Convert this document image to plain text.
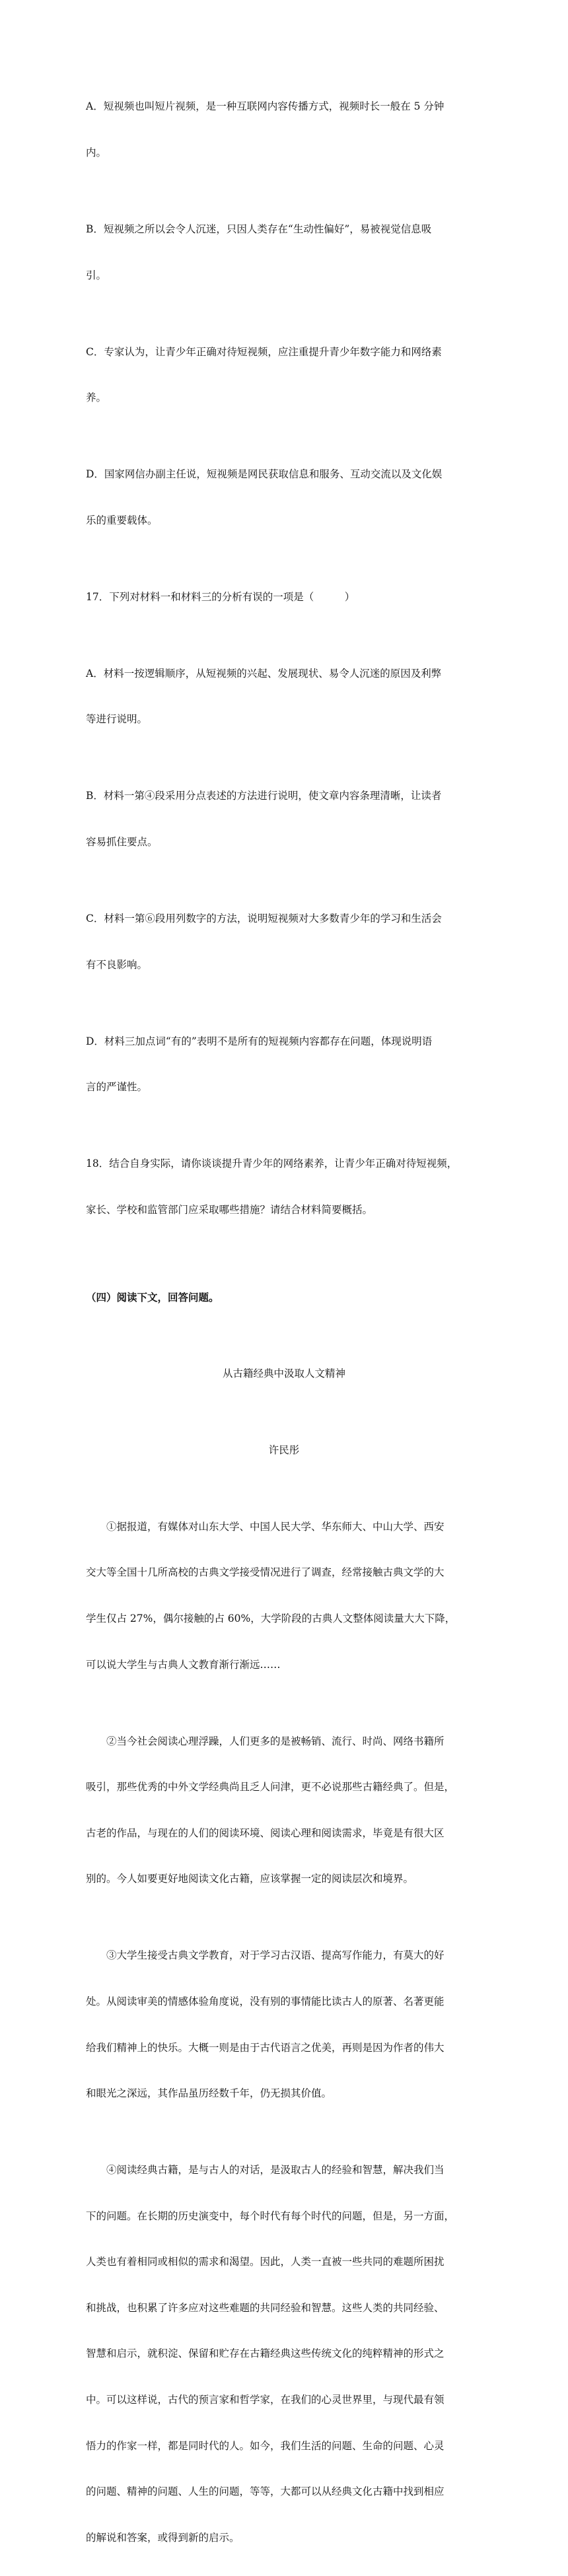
A．短视频也叫短片视频，是一种互联网内容传播方式，视频时长一般在 5 分钟

内。

B．短视频之所以会令人沉迷，只因人类存在“生动性偏好”，易被视觉信息吸

引。

C．专家认为，让青少年正确对待短视频，应注重提升青少年数字能力和网络素

养。

D．国家网信办副主任说，短视频是网民获取信息和服务、互动交流以及文化娱

乐的重要载体。

17．下列对材料一和材料三的分析有误的一项是（　　　）

A．材料一按逻辑顺序，从短视频的兴起、发展现状、易令人沉迷的原因及利弊

等进行说明。

B．材料一第④段采用分点表述的方法进行说明，使文章内容条理清晰，让读者

容易抓住要点。

C．材料一第⑥段用列数字的方法，说明短视频对大多数青少年的学习和生活会

有不良影响。

D．材料三加点词“有的”表明不是所有的短视频内容都存在问题，体现说明语

言的严谨性。

18．结合自身实际，请你谈谈提升青少年的网络素养，让青少年正确对待短视频，

家长、学校和监管部门应采取哪些措施？请结合材料简要概括。

（四）阅读下文，回答问题。

从古籍经典中汲取人文精神

许民彤

①据报道，有媒体对山东大学、中国人民大学、华东师大、中山大学、西安

交大等全国十几所高校的古典文学接受情况进行了调查，经常接触古典文学的大

学生仅占 27%，偶尔接触的占 60%，大学阶段的古典人文整体阅读量大大下降，

可以说大学生与古典人文教育渐行渐远……

②当今社会阅读心理浮躁，人们更多的是被畅销、流行、时尚、网络书籍所

吸引，那些优秀的中外文学经典尚且乏人问津，更不必说那些古籍经典了。但是，

古老的作品，与现在的人们的阅读环境、阅读心理和阅读需求，毕竟是有很大区

别的。今人如要更好地阅读文化古籍，应该掌握一定的阅读层次和境界。

③大学生接受古典文学教育，对于学习古汉语、提高写作能力，有莫大的好

处。从阅读审美的情感体验角度说，没有别的事情能比读古人的原著、名著更能

给我们精神上的快乐。大概一则是由于古代语言之优美，再则是因为作者的伟大

和眼光之深远，其作品虽历经数千年，仍无损其价值。

④阅读经典古籍，是与古人的对话，是汲取古人的经验和智慧，解决我们当

下的问题。在长期的历史演变中，每个时代有每个时代的问题，但是，另一方面，

人类也有着相同或相似的需求和渴望。因此，人类一直被一些共同的难题所困扰

和挑战，也积累了许多应对这些难题的共同经验和智慧。这些人类的共同经验、

智慧和启示，就积淀、保留和贮存在古籍经典这些传统文化的纯粹精神的形式之

中。可以这样说，古代的预言家和哲学家，在我们的心灵世界里，与现代最有领

悟力的作家一样，都是同时代的人。如今，我们生活的问题、生命的问题、心灵

的问题、精神的问题、人生的问题，等等，大都可以从经典文化古籍中找到相应

的解说和答案，或得到新的启示。
